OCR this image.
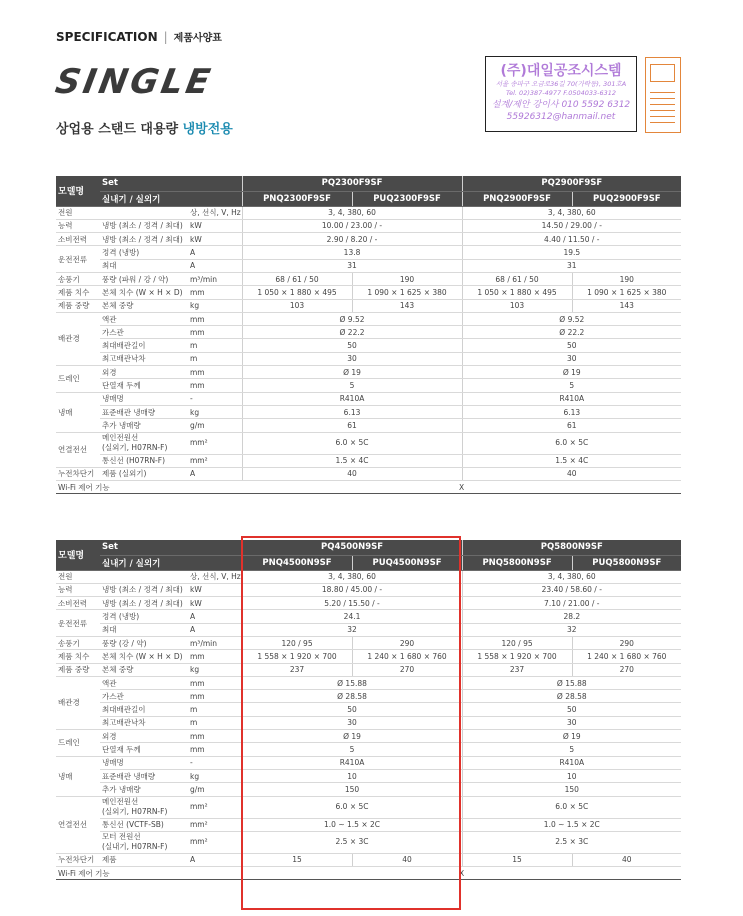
SPECIFICATION | 제품사양표
SINGLE
상업용 스탠드 대용량 냉방전용
(주)대일공조시스템
서울 송파구 오금로36길 70(가락동), 301호A
Tel. 02)387-4977 F.0504033-6312
설계/제안 강이사 010 5592 6312
55926312@hanmail.net
모델명	Set		PQ2300F9SF		PQ2900F9SF	
	실내기 / 실외기		PNQ2300F9SF	PUQ2300F9SF	PNQ2900F9SF	PUQ2900F9SF
전원		상, 선식, V, Hz	3, 4, 380, 60		3, 4, 380, 60	
능력	냉방 (최소 / 정격 / 최대)	kW	10.00 / 23.00 / -		14.50 / 29.00 / -	
소비전력	냉방 (최소 / 정격 / 최대)	kW	2.90 / 8.20 / -		4.40 / 11.50 / -	
운전전류	정격 (냉방)	A	13.8		19.5	
	최대	A	31		31	
송풍기	풍량 (파워 / 강 / 약)	m³/min	68 / 61 / 50	190	68 / 61 / 50	190
제품 치수	본체 치수 (W × H × D)	mm	1 050 × 1 880 × 495	1 090 × 1 625 × 380	1 050 × 1 880 × 495	1 090 × 1 625 × 380
제품 중량	본체 중량	kg	103	143	103	143
배관경	액관	mm	Ø 9.52		Ø 9.52	
	가스관	mm	Ø 22.2		Ø 22.2	
	최대배관길이	m	50		50	
	최고배관낙차	m	30		30	
드레인	외경	mm	Ø 19		Ø 19	
	단열재 두께	mm	5		5	
냉매	냉매명	-	R410A		R410A	
	표준배관 냉매량	kg	6.13		6.13	
	추가 냉매량	g/m	61		61	
연결전선	메인전원선
(실외기, H07RN-F)	mm²	6.0 × 5C		6.0 × 5C	
	통신선 (H07RN-F)	mm²	1.5 × 4C		1.5 × 4C	
누전차단기	제품 (실외기)	A	40		40	
Wi-Fi 제어 기능			X			
모델명	Set		PQ4500N9SF		PQ5800N9SF	
	실내기 / 실외기		PNQ4500N9SF	PUQ4500N9SF	PNQ5800N9SF	PUQ5800N9SF
전원		상, 선식, V, Hz	3, 4, 380, 60		3, 4, 380, 60	
능력	냉방 (최소 / 정격 / 최대)	kW	18.80 / 45.00 / -		23.40 / 58.60 / -	
소비전력	냉방 (최소 / 정격 / 최대)	kW	5.20 / 15.50 / -		7.10 / 21.00 / -	
운전전류	정격 (냉방)	A	24.1		28.2	
	최대	A	32		32	
송풍기	풍량 (강 / 약)	m³/min	120 / 95	290	120 / 95	290
제품 치수	본체 치수 (W × H × D)	mm	1 558 × 1 920 × 700	1 240 × 1 680 × 760	1 558 × 1 920 × 700	1 240 × 1 680 × 760
제품 중량	본체 중량	kg	237	270	237	270
배관경	액관	mm	Ø 15.88		Ø 15.88	
	가스관	mm	Ø 28.58		Ø 28.58	
	최대배관길이	m	50		50	
	최고배관낙차	m	30		30	
드레인	외경	mm	Ø 19		Ø 19	
	단열재 두께	mm	5		5	
냉매	냉매명	-	R410A		R410A	
	표준배관 냉매량	kg	10		10	
	추가 냉매량	g/m	150		150	
연결전선	메인전원선
(실외기, H07RN-F)	mm²	6.0 × 5C		6.0 × 5C	
	통신선 (VCTF-SB)	mm²	1.0 ~ 1.5 × 2C		1.0 ~ 1.5 × 2C	
	모터 전원선
(실내기, H07RN-F)	mm²	2.5 × 3C		2.5 × 3C	
누전차단기	제품	A	15	40	15	40
Wi-Fi 제어 기능			X			
